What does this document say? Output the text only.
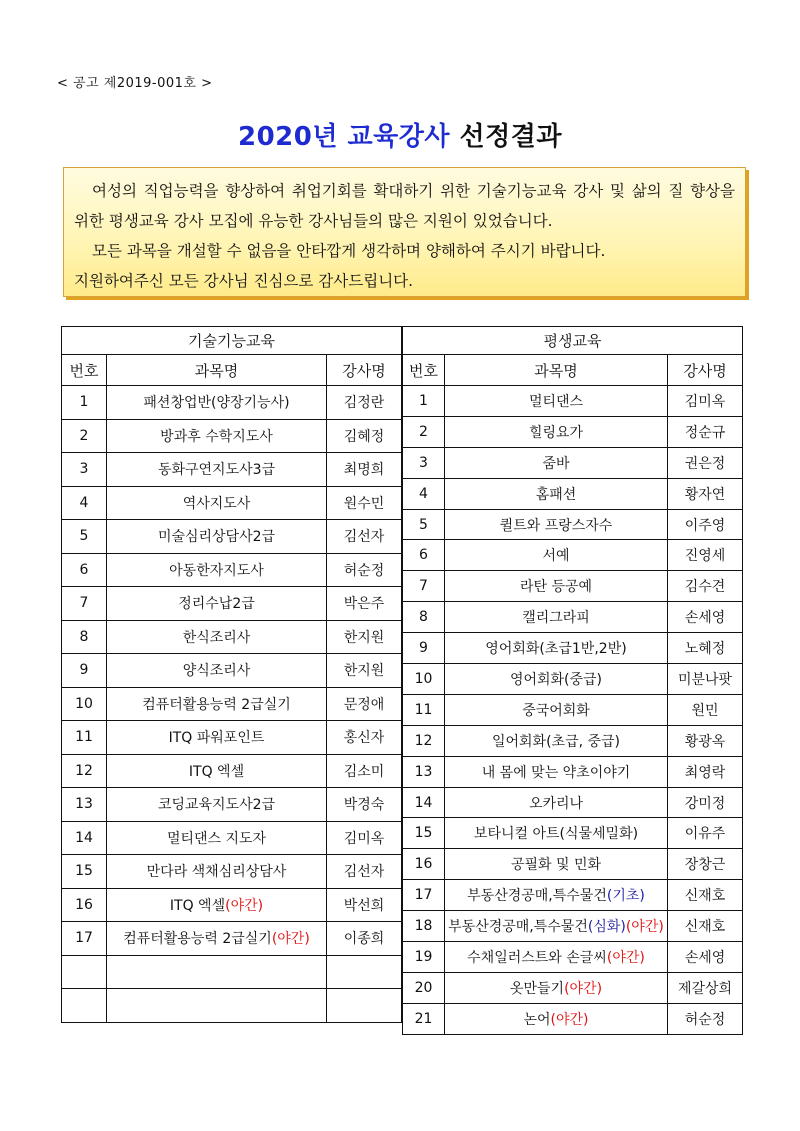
< 공고 제2019-001호 >
2020년 교육강사 선정결과

여성의 직업능력을 향상하여 취업기회를 확대하기 위한 기술기능교육 강사 및 삶의 질 향상을 위한 평생교육 강사 모집에 유능한 강사님들의 많은 지원이 있었습니다.

모든 과목을 개설할 수 없음을 안타깝게 생각하며 양해하여 주시기 바랍니다.

지원하여주신 모든 강사님 진심으로 감사드립니다.

기술기능교육		
번호	과목명	강사명
1	패션창업반(양장기능사)	김정란
2	방과후 수학지도사	김혜정
3	동화구연지도사3급	최명희
4	역사지도사	원수민
5	미술심리상담사2급	김선자
6	아동한자지도사	허순정
7	정리수납2급	박은주
8	한식조리사	한지원
9	양식조리사	한지원
10	컴퓨터활용능력 2급실기	문정애
11	ITQ 파워포인트	홍신자
12	ITQ 엑셀	김소미
13	코딩교육지도사2급	박경숙
14	멀티댄스 지도자	김미옥
15	만다라 색채심리상담사	김선자
16	ITQ 엑셀(야간)	박선희
17	컴퓨터활용능력 2급실기(야간)	이종희

평생교육		
번호	과목명	강사명
1	멀티댄스	김미옥
2	힐링요가	정순규
3	줌바	권은정
4	홈패션	황자연
5	퀼트와 프랑스자수	이주영
6	서예	진영세
7	라탄 등공예	김수견
8	캘리그라피	손세영
9	영어회화(초급1반,2반)	노혜정
10	영어회화(중급)	미분나팟
11	중국어회화	원민
12	일어회화(초급, 중급)	황광옥
13	내 몸에 맞는 약초이야기	최영락
14	오카리나	강미정
15	보타니컬 아트(식물세밀화)	이유주
16	공필화 및 민화	장창근
17	부동산경공매,특수물건(기초)	신재호
18	부동산경공매,특수물건(심화)(야간)	신재호
19	수채일러스트와 손글씨(야간)	손세영
20	옷만들기(야간)	제갈상희
21	논어(야간)	허순정
